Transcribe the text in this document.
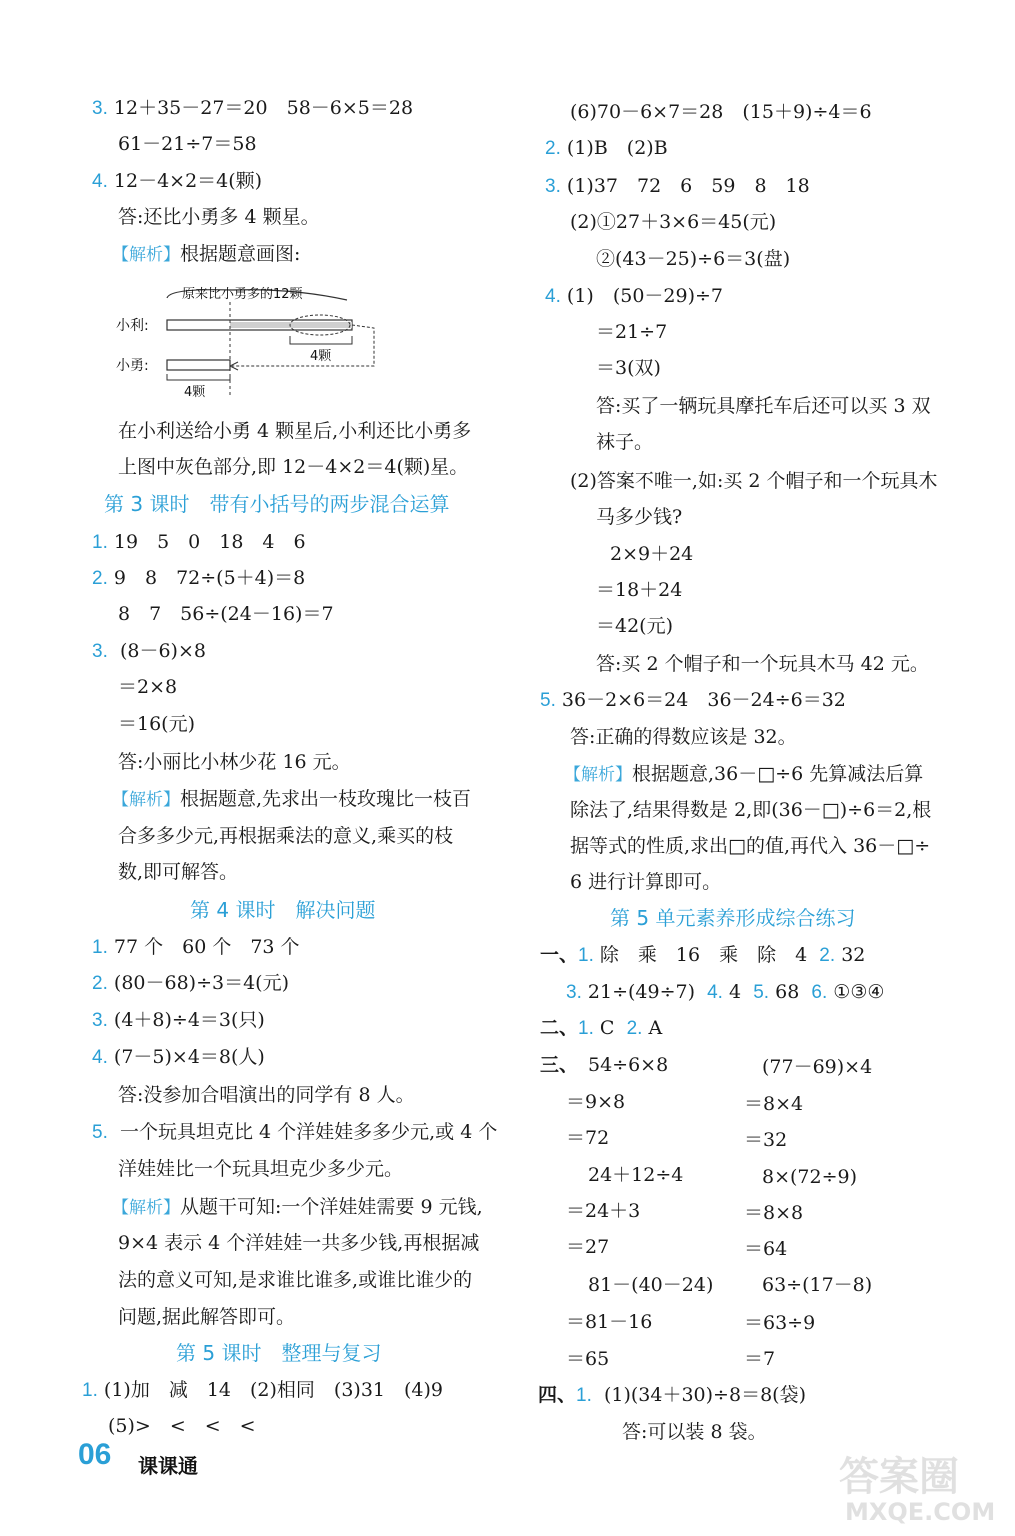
3. 12＋35－27＝20　58－6×5＝28
61－21÷7＝58
4. 12－4×2＝4(颗)
答:还比小勇多 4 颗星。
【解析】根据题意画图:
原来比小勇多的12颗
小利:
4颗
小勇:
4颗
在小利送给小勇 4 颗星后,小利还比小勇多
上图中灰色部分,即 12－4×2＝4(颗)星。
第 3 课时　带有小括号的两步混合运算
1. 19　5　0　18　4　6
2. 9　8　72÷(5＋4)＝8
8　7　56÷(24－16)＝7
3. (8－6)×8
＝2×8
＝16(元)
答:小丽比小林少花 16 元。
【解析】根据题意,先求出一枝玫瑰比一枝百
合多多少元,再根据乘法的意义,乘买的枝
数,即可解答。
第 4 课时　解决问题
1. 77 个　60 个　73 个
2. (80－68)÷3＝4(元)
3. (4＋8)÷4＝3(只)
4. (7－5)×4＝8(人)
答:没参加合唱演出的同学有 8 人。
5. 一个玩具坦克比 4 个洋娃娃多多少元,或 4 个
洋娃娃比一个玩具坦克少多少元。
【解析】从题干可知:一个洋娃娃需要 9 元钱,
9×4 表示 4 个洋娃娃一共多少钱,再根据减
法的意义可知,是求谁比谁多,或谁比谁少的
问题,据此解答即可。
第 5 课时　整理与复习
1. (1)加　减　14　(2)相同　(3)31　(4)9
(5)>　<　<　<
(6)70－6×7＝28　(15＋9)÷4＝6
2. (1)B　(2)B
3. (1)37　72　6　59　8　18
(2)①27＋3×6＝45(元)
②(43－25)÷6＝3(盘)
4. (1)　(50－29)÷7
＝21÷7
＝3(双)
答:买了一辆玩具摩托车后还可以买 3 双
袜子。
(2)答案不唯一,如:买 2 个帽子和一个玩具木
马多少钱?
2×9＋24
＝18＋24
＝42(元)
答:买 2 个帽子和一个玩具木马 42 元。
5. 36－2×6＝24　36－24÷6＝32
答:正确的得数应该是 32。
【解析】根据题意,36－□÷6 先算减法后算
除法了,结果得数是 2,即(36－□)÷6＝2,根
据等式的性质,求出□的值,再代入 36－□÷
6 进行计算即可。
第 5 单元素养形成综合练习
一、1. 除　乘　16　乘　除　4 2. 32
3. 21÷(49÷7) 4. 4 5. 68 6. ①③④
二、1. C 2. A
三、 54÷6×8
＝9×8
＝72
24＋12÷4
＝24＋3
＝27
81－(40－24)
＝81－16
＝65
(77－69)×4
＝8×4
＝32
8×(72÷9)
＝8×8
＝64
63÷(17－8)
＝63÷9
＝7
四、1. (1)(34＋30)÷8＝8(袋)
答:可以装 8 袋。
06 课课通	答案圈
MXQE.COM
